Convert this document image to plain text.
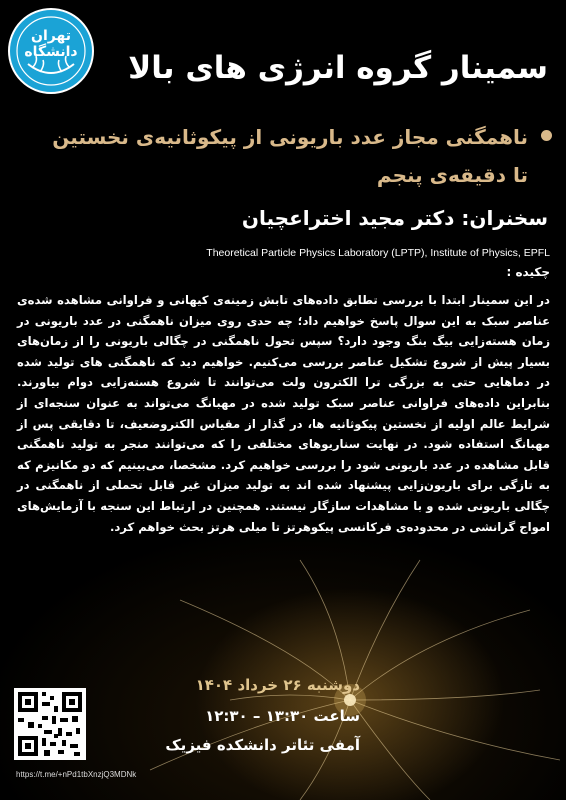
تهران
دانشگاه	سمینار گروه انرژی های بالا
ناهمگنی مجاز عدد باریونی از پیکوثانیه‌ی نخستین
تا دقیقه‌ی پنجم
سخنران: دکتر مجید اختراعچیان
Theoretical Particle Physics Laboratory (LPTP), Institute of Physics, EPFL
چکیده :
در این سمینار ابتدا با بررسی تطابق داده‌های تابش زمینه‌ی کیهانی و فراوانی مشاهده شده‌ی عناصر سبک به این سوال پاسخ خواهیم داد؛ چه حدی روی میزان ناهمگنی در عدد باریونی در زمان هسته‌زایی بیگ بنگ وجود دارد؟ سپس تحول ناهمگنی در چگالی باریونی را از زمان‌های بسیار پیش از شروع تشکیل عناصر بررسی می‌کنیم. خواهیم دید که ناهمگنی های تولید شده در دماهایی حتی به بزرگی ترا الکترون ولت می‌توانند تا شروع هسته‌زایی دوام بیاورند. بنابراین داده‌های فراوانی عناصر سبک تولید شده در مهبانگ می‌تواند به عنوان سنجه‌ای از شرایط عالم اولیه از نخستین پیکوثانیه ها، در گذار از مقیاس الکتروضعیف، تا دقایقی پس از مهبانگ استفاده شود. در نهایت سناریوهای مختلفی را که می‌توانند منجر به تولید ناهمگنی قابل مشاهده در عدد باریونی شود را بررسی خواهیم کرد. مشخصا، می‌بینیم که دو مکانیزم که به تازگی برای باریون‌زایی پیشنهاد شده اند به تولید میزان غیر قابل تحملی از ناهمگنی در چگالی باریونی شده و با مشاهدات سازگار نیستند. همچنین در ارتباط این سنجه با آزمایش‌های امواج گرانشی در محدوده‌ی فرکانسی پیکوهرتز تا میلی هرتز بحث خواهم کرد.
دوشنبه ۲۶ خرداد ۱۴۰۴
ساعت ۱۳:۳۰ – ۱۲:۳۰
آمفی تئاتر دانشکده فیزیک
https://t.me/+nPd1tbXnzjQ3MDNk
